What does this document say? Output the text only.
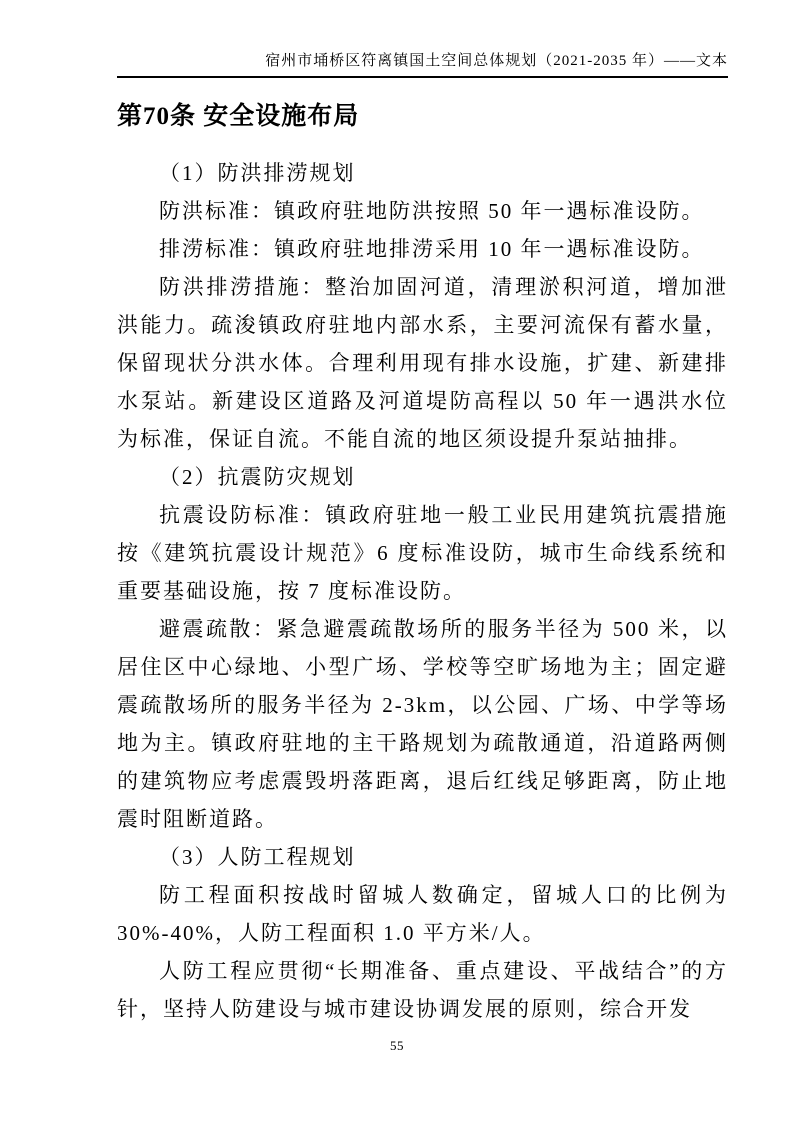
宿州市埇桥区符离镇国土空间总体规划（2021-2035 年）——文本
第70条 安全设施布局

（1）防洪排涝规划

防洪标准：镇政府驻地防洪按照 50 年一遇标准设防。

排涝标准：镇政府驻地排涝采用 10 年一遇标准设防。

防洪排涝措施：整治加固河道，清理淤积河道，增加泄洪能力。疏浚镇政府驻地内部水系，主要河流保有蓄水量，保留现状分洪水体。合理利用现有排水设施，扩建、新建排水泵站。新建设区道路及河道堤防高程以 50 年一遇洪水位为标准，保证自流。不能自流的地区须设提升泵站抽排。

（2）抗震防灾规划

抗震设防标准：镇政府驻地一般工业民用建筑抗震措施按《建筑抗震设计规范》6 度标准设防，城市生命线系统和重要基础设施，按 7 度标准设防。

避震疏散：紧急避震疏散场所的服务半径为 500 米，以居住区中心绿地、小型广场、学校等空旷场地为主；固定避震疏散场所的服务半径为 2-3km，以公园、广场、中学等场地为主。镇政府驻地的主干路规划为疏散通道，沿道路两侧的建筑物应考虑震毁坍落距离，退后红线足够距离，防止地震时阻断道路。

（3）人防工程规划

防工程面积按战时留城人数确定，留城人口的比例为 30%-40%，人防工程面积 1.0 平方米/人。

人防工程应贯彻“长期准备、重点建设、平战结合”的方针，坚持人防建设与城市建设协调发展的原则，综合开发

55
